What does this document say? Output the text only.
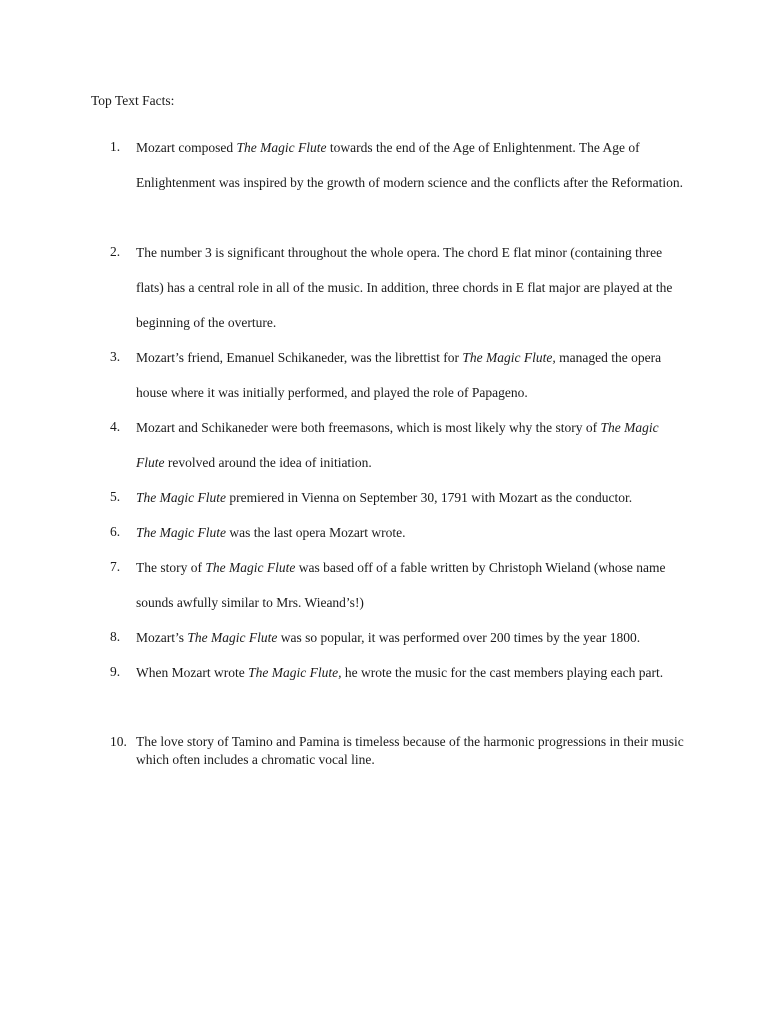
Top Text Facts:
1. Mozart composed The Magic Flute towards the end of the Age of Enlightenment. The Age of Enlightenment was inspired by the growth of modern science and the conflicts after the Reformation.
2. The number 3 is significant throughout the whole opera. The chord E flat minor (containing three flats) has a central role in all of the music. In addition, three chords in E flat major are played at the beginning of the overture.
3. Mozart’s friend, Emanuel Schikaneder, was the librettist for The Magic Flute, managed the opera house where it was initially performed, and played the role of Papageno.
4. Mozart and Schikaneder were both freemasons, which is most likely why the story of The Magic Flute revolved around the idea of initiation.
5. The Magic Flute premiered in Vienna on September 30, 1791 with Mozart as the conductor.
6. The Magic Flute was the last opera Mozart wrote.
7. The story of The Magic Flute was based off of a fable written by Christoph Wieland (whose name sounds awfully similar to Mrs. Wieand’s!)
8. Mozart’s The Magic Flute was so popular, it was performed over 200 times by the year 1800.
9. When Mozart wrote The Magic Flute, he wrote the music for the cast members playing each part.
10. The love story of Tamino and Pamina is timeless because of the harmonic progressions in their music which often includes a chromatic vocal line.
